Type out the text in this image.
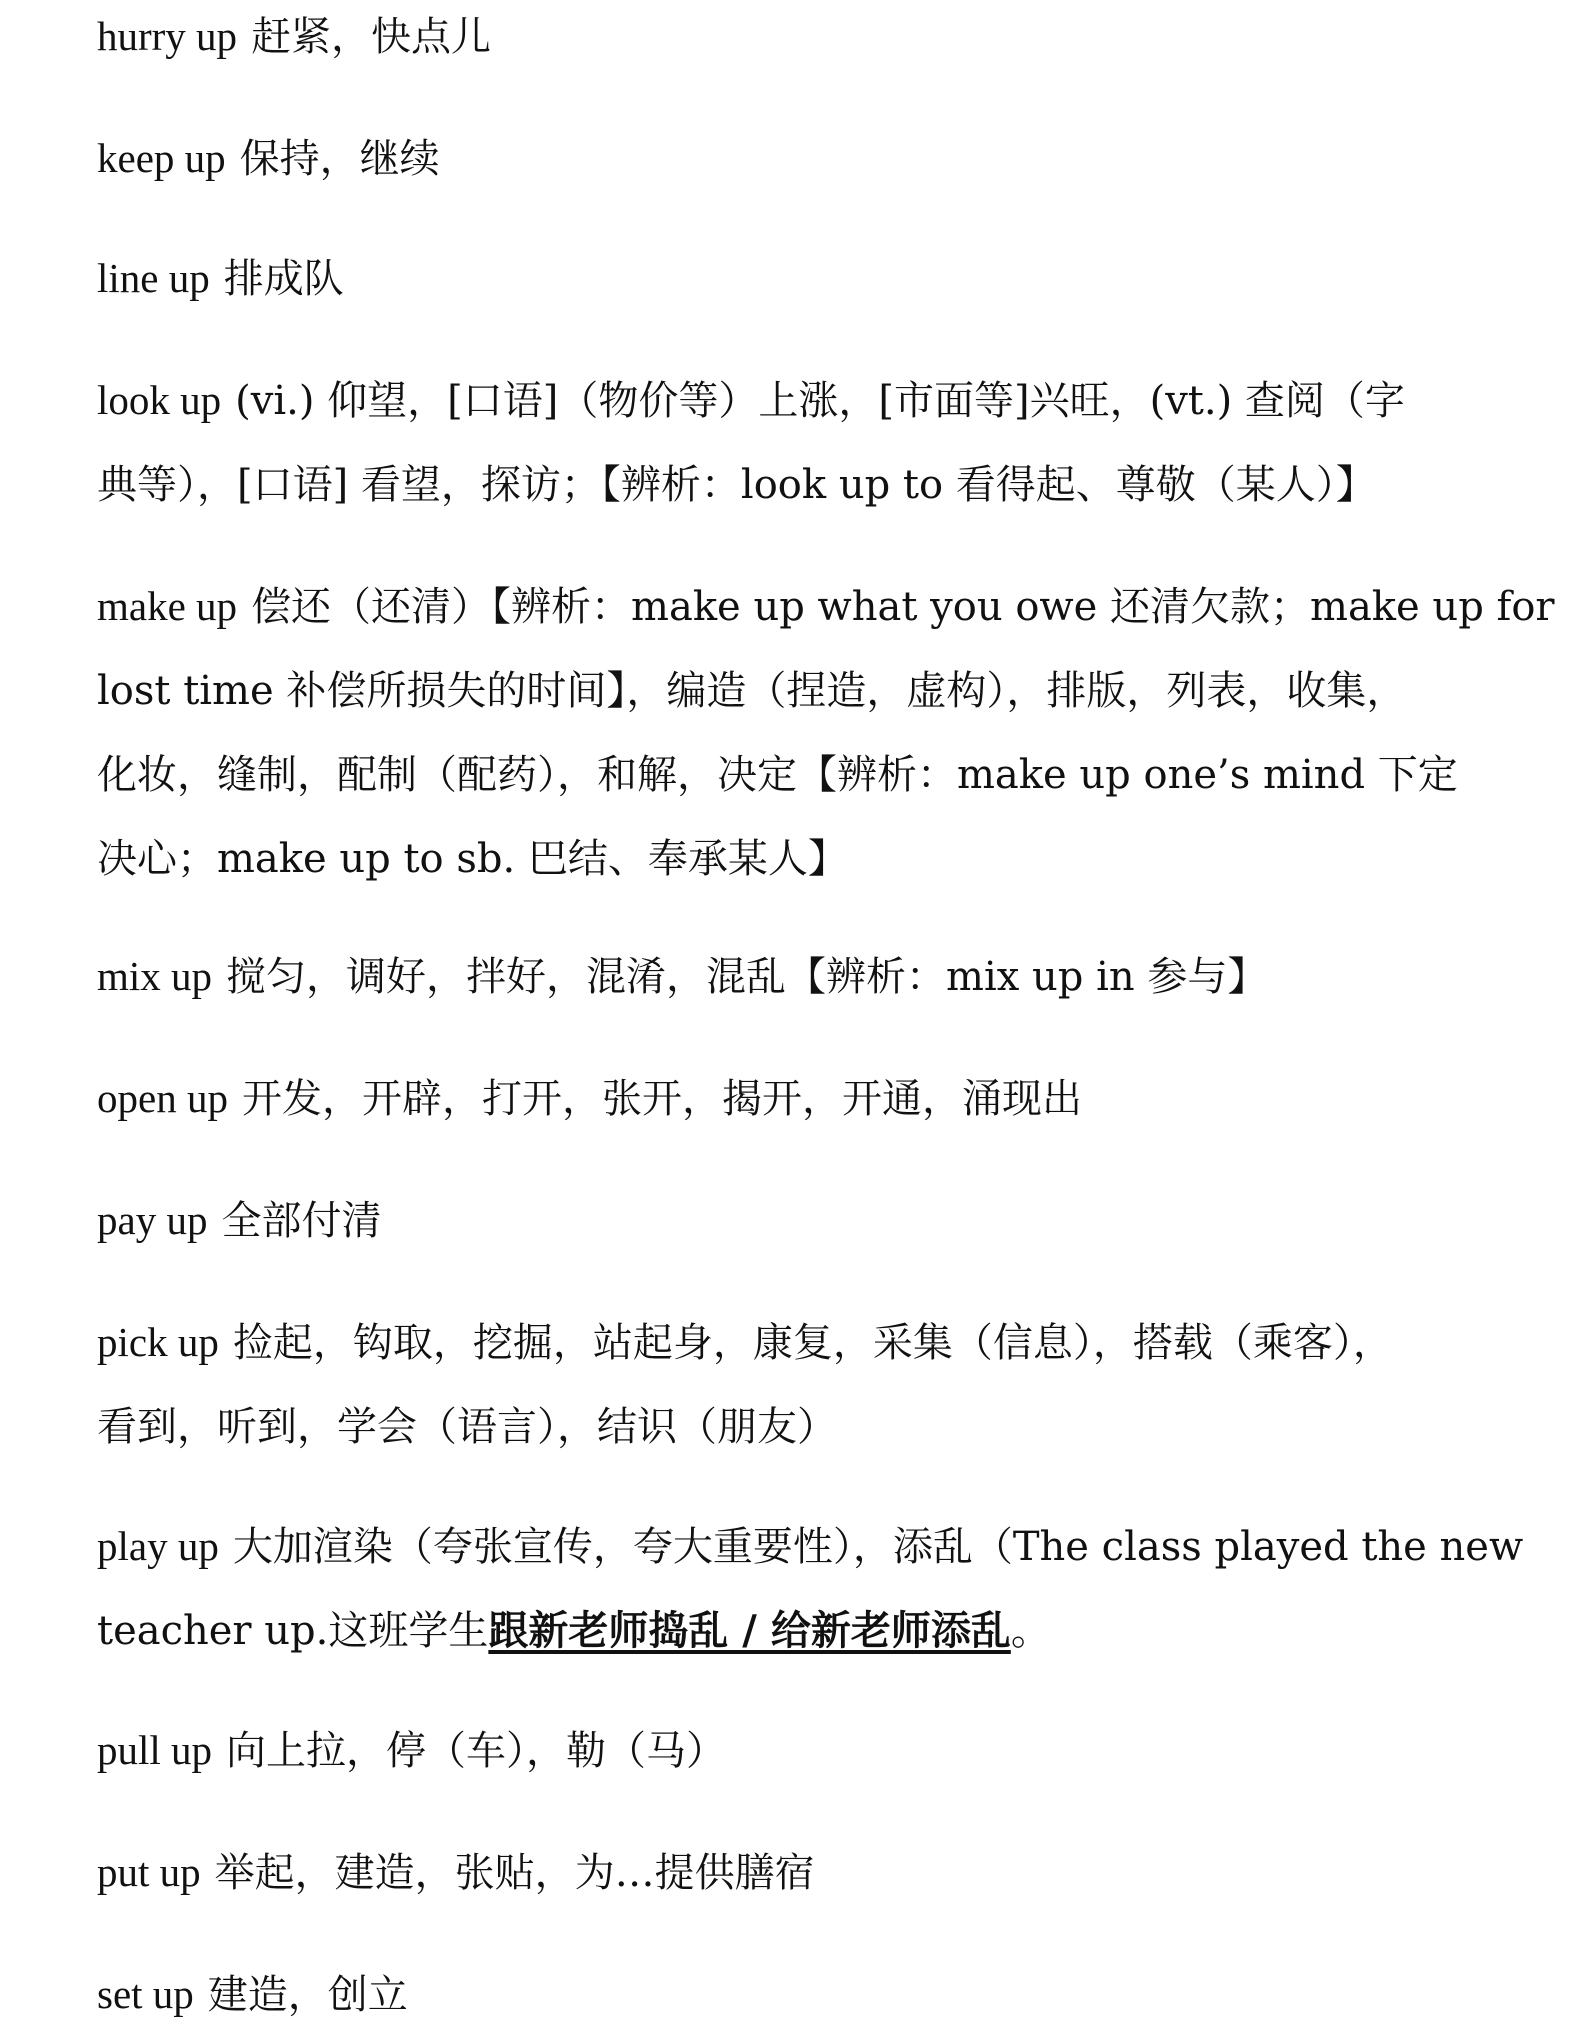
hurry up 赶紧，快点儿

keep up 保持，继续

line up 排成队

look up (vi.) 仰望，[口语]（物价等）上涨，[市面等]兴旺，(vt.) 查阅（字
典等），[口语] 看望，探访；【辨析：look up to 看得起、尊敬（某人）】

make up 偿还（还清）【辨析：make up what you owe 还清欠款；make up for
lost time 补偿所损失的时间】，编造（捏造，虚构），排版，列表，收集，
化妆，缝制，配制（配药），和解，决定【辨析：make up one’s mind 下定
决心；make up to sb. 巴结、奉承某人】

mix up 搅匀，调好，拌好，混淆，混乱【辨析：mix up in 参与】

open up 开发，开辟，打开，张开，揭开，开通，涌现出

pay up 全部付清

pick up 捡起，钩取，挖掘，站起身，康复，采集（信息），搭载（乘客），
看到，听到，学会（语言），结识（朋友）

play up 大加渲染（夸张宣传，夸大重要性），添乱（The class played the new
teacher up.这班学生跟新老师捣乱 / 给新老师添乱。

pull up 向上拉，停（车），勒（马）

put up 举起，建造，张贴，为…提供膳宿

set up 建造，创立
